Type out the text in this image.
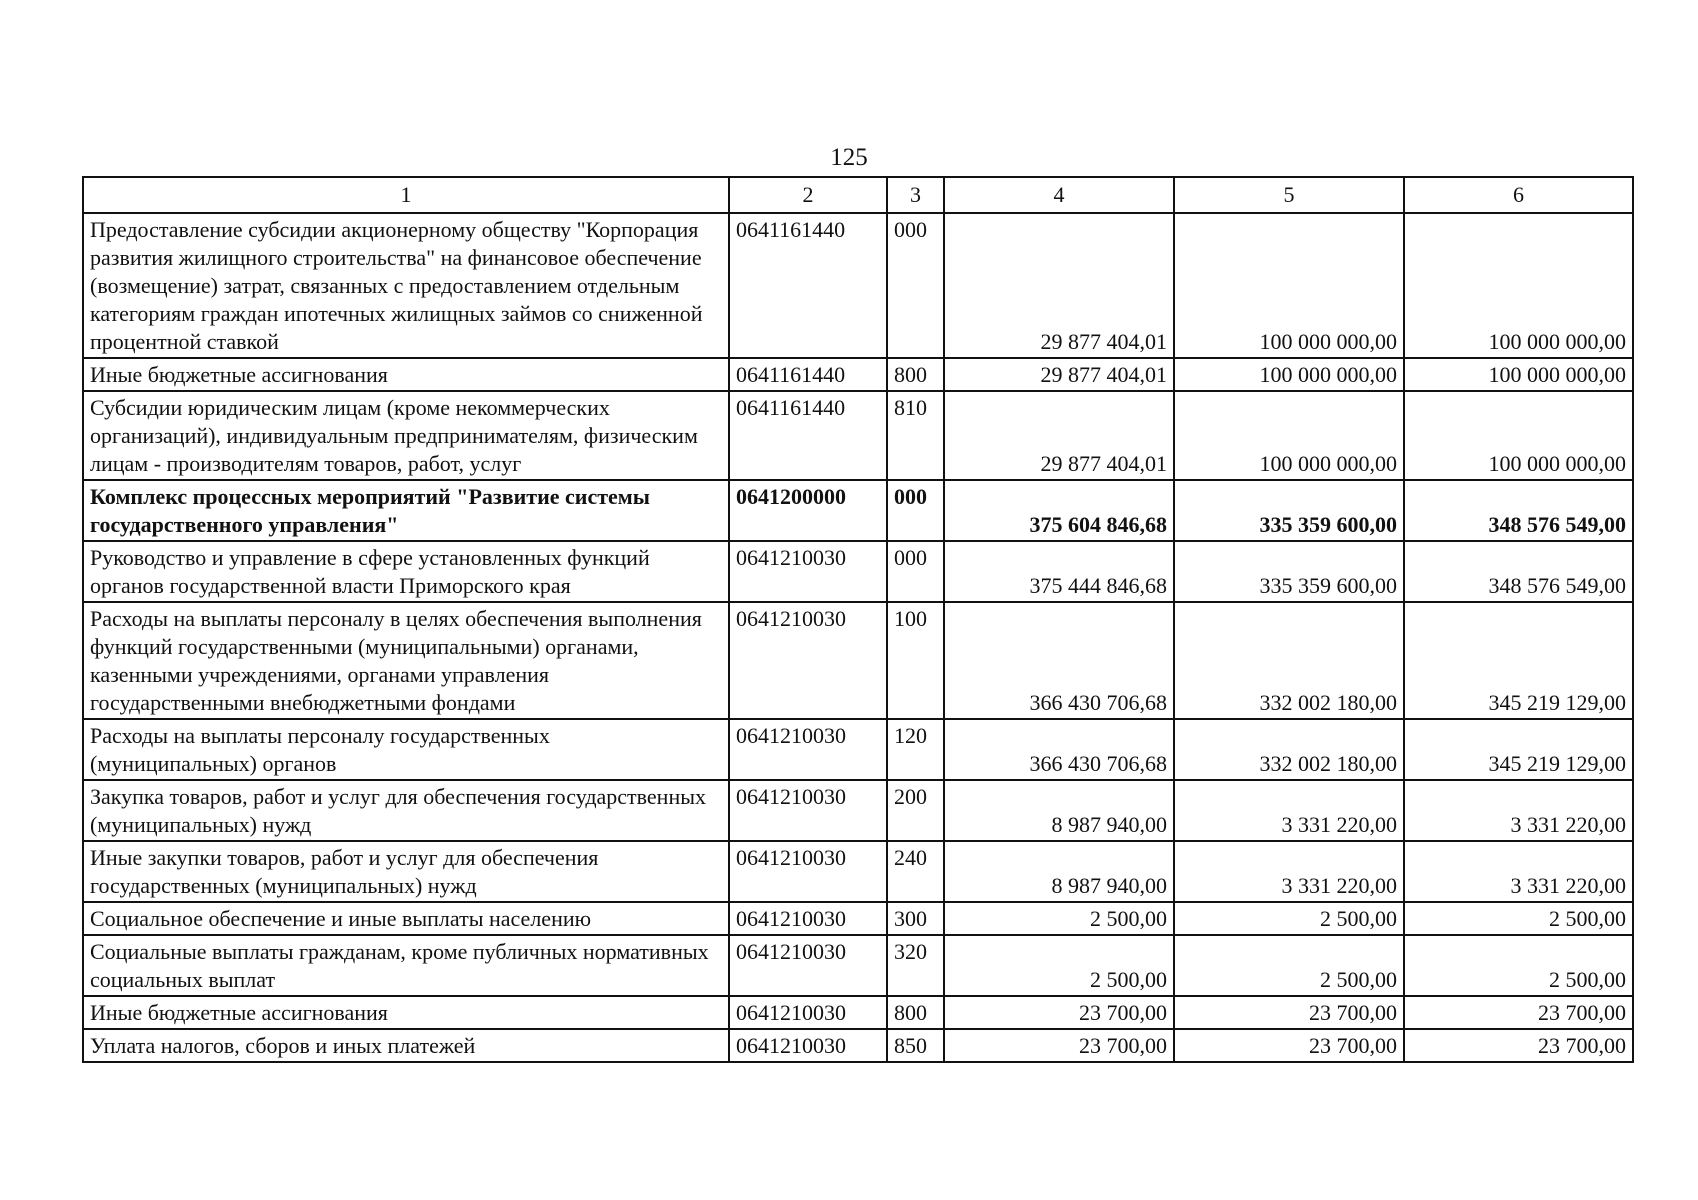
125
1	2	3	4	5	6
Предоставление субсидии акционерному обществу "Корпорация развития жилищного строительства" на финансовое обеспечение (возмещение) затрат, связанных с предоставлением отдельным категориям граждан ипотечных жилищных займов со сниженной процентной ставкой	0641161440	000	29 877 404,01	100 000 000,00	100 000 000,00
Иные бюджетные ассигнования	0641161440	800	29 877 404,01	100 000 000,00	100 000 000,00
Субсидии юридическим лицам (кроме некоммерческих организаций), индивидуальным предпринимателям, физическим лицам - производителям товаров, работ, услуг	0641161440	810	29 877 404,01	100 000 000,00	100 000 000,00
Комплекс процессных мероприятий "Развитие системы государственного управления"	0641200000	000	375 604 846,68	335 359 600,00	348 576 549,00
Руководство и управление в сфере установленных функций органов государственной власти Приморского края	0641210030	000	375 444 846,68	335 359 600,00	348 576 549,00
Расходы на выплаты персоналу в целях обеспечения выполнения функций государственными (муниципальными) органами, казенными учреждениями, органами управления государственными внебюджетными фондами	0641210030	100	366 430 706,68	332 002 180,00	345 219 129,00
Расходы на выплаты персоналу государственных (муниципальных) органов	0641210030	120	366 430 706,68	332 002 180,00	345 219 129,00
Закупка товаров, работ и услуг для обеспечения государственных (муниципальных) нужд	0641210030	200	8 987 940,00	3 331 220,00	3 331 220,00
Иные закупки товаров, работ и услуг для обеспечения государственных (муниципальных) нужд	0641210030	240	8 987 940,00	3 331 220,00	3 331 220,00
Социальное обеспечение и иные выплаты населению	0641210030	300	2 500,00	2 500,00	2 500,00
Социальные выплаты гражданам, кроме публичных нормативных социальных выплат	0641210030	320	2 500,00	2 500,00	2 500,00
Иные бюджетные ассигнования	0641210030	800	23 700,00	23 700,00	23 700,00
Уплата налогов, сборов и иных платежей	0641210030	850	23 700,00	23 700,00	23 700,00
